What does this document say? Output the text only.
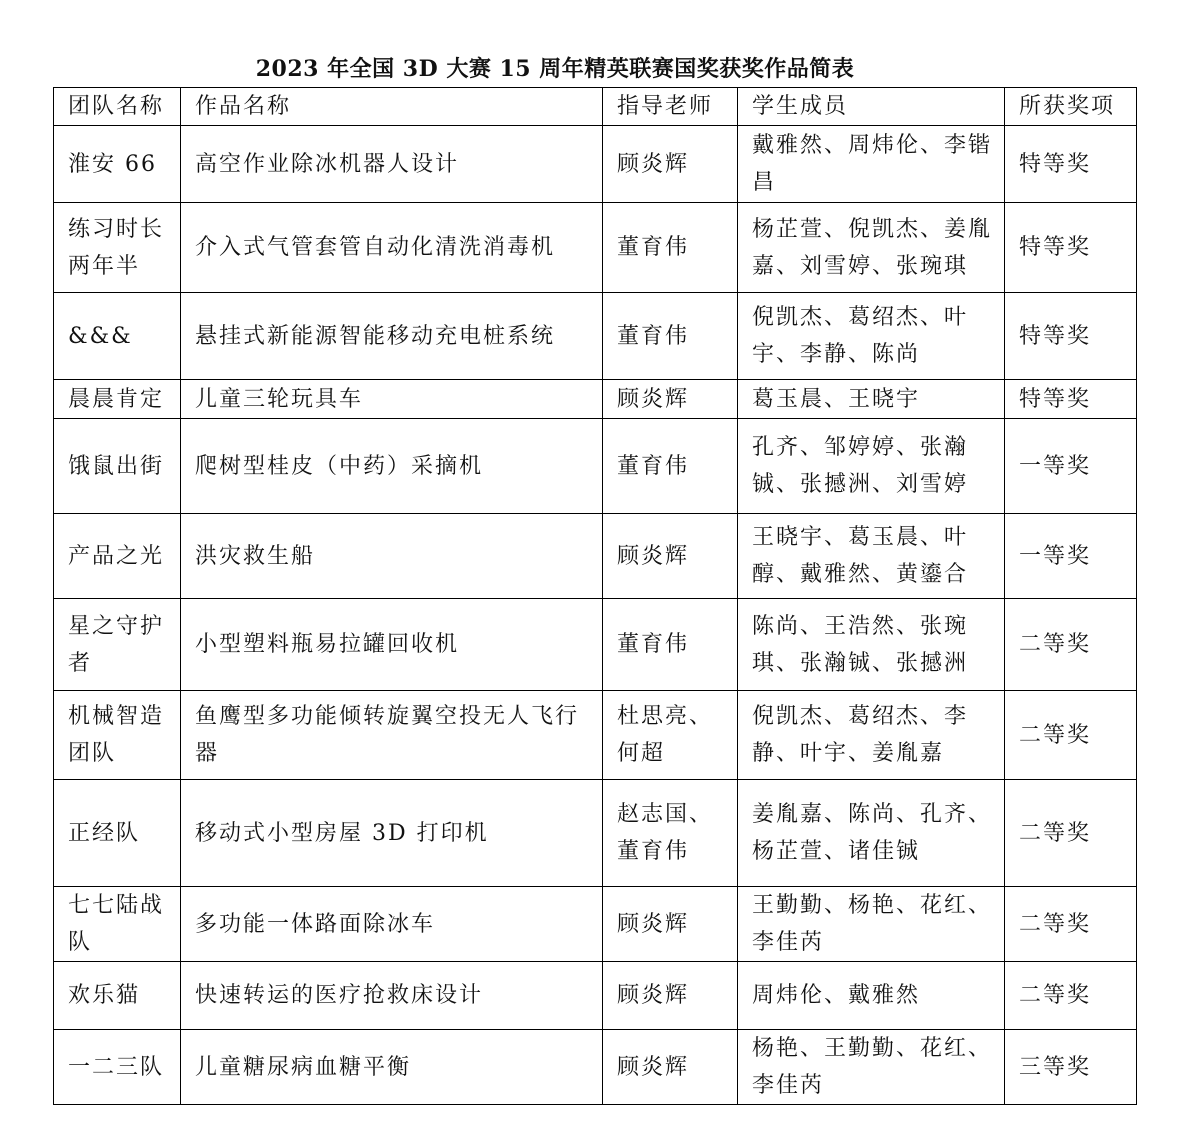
2023 年全国 3D 大赛 15 周年精英联赛国奖获奖作品简表
团队名称	作品名称	指导老师	学生成员	所获奖项
淮安 66	高空作业除冰机器人设计	顾炎辉	戴雅然、周炜伦、李锴昌	特等奖
练习时长两年半	介入式气管套管自动化清洗消毒机	董育伟	杨芷萱、倪凯杰、姜胤嘉、刘雪婷、张琬琪	特等奖
&&&	悬挂式新能源智能移动充电桩系统	董育伟	倪凯杰、葛绍杰、叶宇、李静、陈尚	特等奖
晨晨肯定	儿童三轮玩具车	顾炎辉	葛玉晨、王晓宇	特等奖
饿鼠出街	爬树型桂皮（中药）采摘机	董育伟	孔齐、邹婷婷、张瀚铖、张撼洲、刘雪婷	一等奖
产品之光	洪灾救生船	顾炎辉	王晓宇、葛玉晨、叶醇、戴雅然、黄鎏合	一等奖
星之守护者	小型塑料瓶易拉罐回收机	董育伟	陈尚、王浩然、张琬琪、张瀚铖、张撼洲	二等奖
机械智造团队	鱼鹰型多功能倾转旋翼空投无人飞行器	杜思亮、何超	倪凯杰、葛绍杰、李静、叶宇、姜胤嘉	二等奖
正经队	移动式小型房屋 3D 打印机	赵志国、董育伟	姜胤嘉、陈尚、孔齐、杨芷萱、诸佳铖	二等奖
七七陆战队	多功能一体路面除冰车	顾炎辉	王勤勤、杨艳、花红、李佳芮	二等奖
欢乐猫	快速转运的医疗抢救床设计	顾炎辉	周炜伦、戴雅然	二等奖
一二三队	儿童糖尿病血糖平衡	顾炎辉	杨艳、王勤勤、花红、李佳芮	三等奖
